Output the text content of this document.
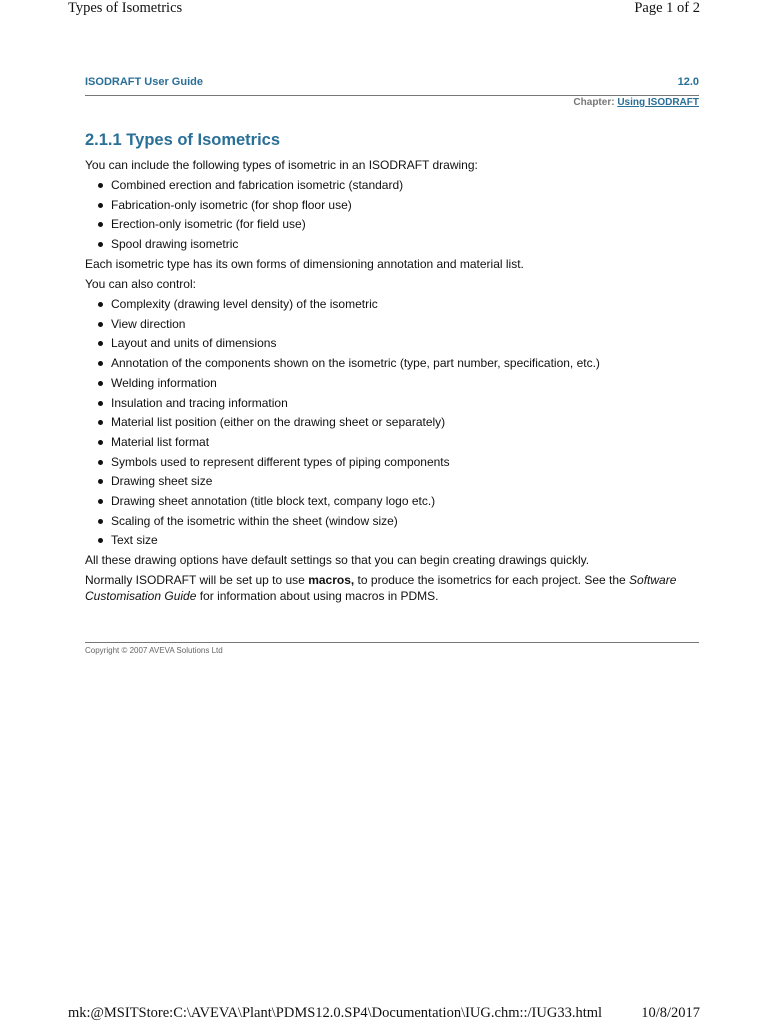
Types of Isometrics	Page 1 of 2
ISODRAFT User Guide	12.0
Chapter: Using ISODRAFT
2.1.1 Types of Isometrics

You can include the following types of isometric in an ISODRAFT drawing:

Combined erection and fabrication isometric (standard)
Fabrication-only isometric (for shop floor use)
Erection-only isometric (for field use)
Spool drawing isometric

Each isometric type has its own forms of dimensioning annotation and material list.

You can also control:

Complexity (drawing level density) of the isometric
View direction
Layout and units of dimensions
Annotation of the components shown on the isometric (type, part number, specification, etc.)
Welding information
Insulation and tracing information
Material list position (either on the drawing sheet or separately)
Material list format
Symbols used to represent different types of piping components
Drawing sheet size
Drawing sheet annotation (title block text, company logo etc.)
Scaling of the isometric within the sheet (window size)
Text size

All these drawing options have default settings so that you can begin creating drawings quickly.

Normally ISODRAFT will be set up to use macros, to produce the isometrics for each project. See the Software Customisation Guide for information about using macros in PDMS.

Copyright © 2007 AVEVA Solutions Ltd
mk:@MSITStore:C:\AVEVA\Plant\PDMS12.0.SP4\Documentation\IUG.chm::/IUG33.html	10/8/2017
